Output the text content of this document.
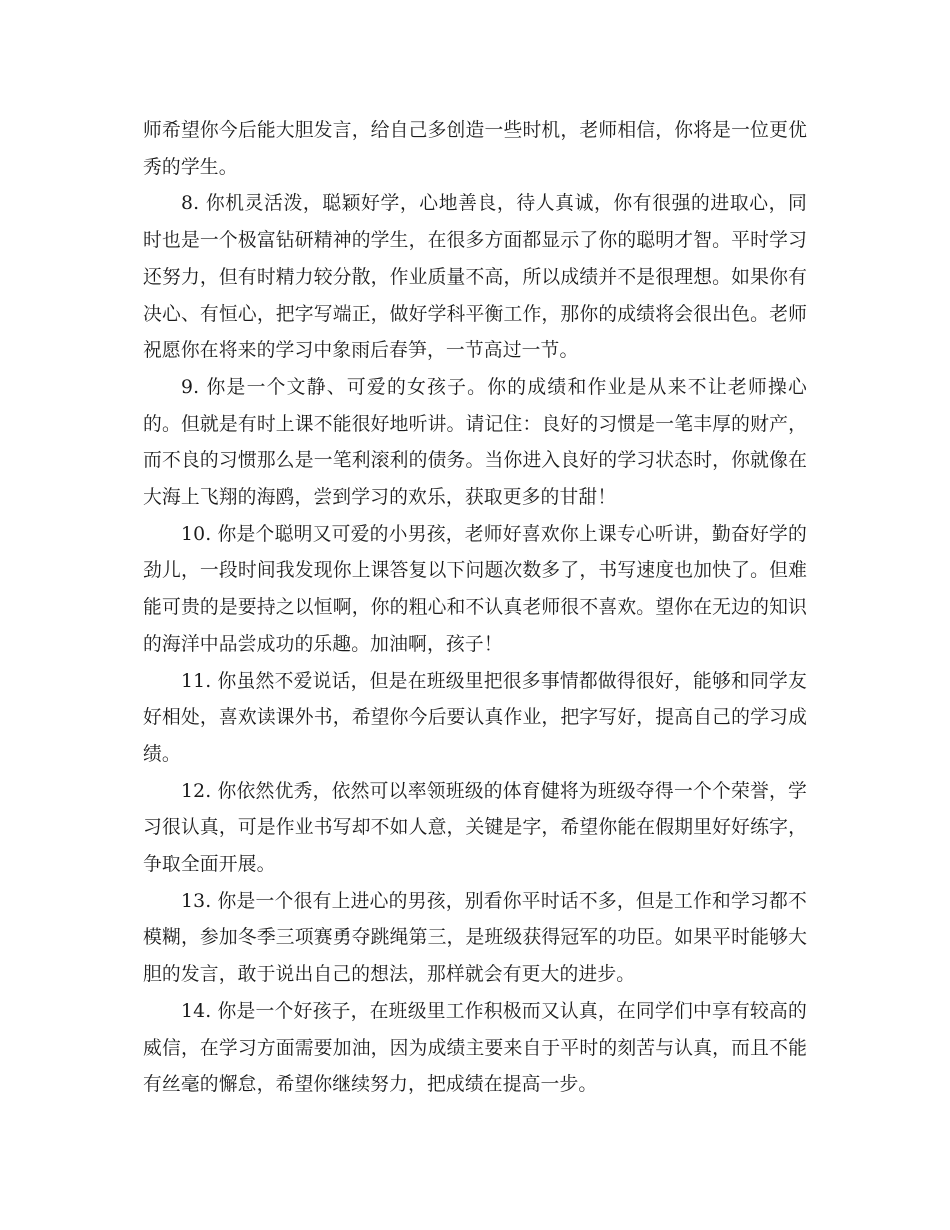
师希望你今后能大胆发言，给自己多创造一些时机，老师相信，你将是一位更优秀的学生。

8. 你机灵活泼，聪颖好学，心地善良，待人真诚，你有很强的进取心，同时也是一个极富钻研精神的学生，在很多方面都显示了你的聪明才智。平时学习还努力，但有时精力较分散，作业质量不高，所以成绩并不是很理想。如果你有决心、有恒心，把字写端正，做好学科平衡工作，那你的成绩将会很出色。老师祝愿你在将来的学习中象雨后春笋，一节高过一节。

9. 你是一个文静、可爱的女孩子。你的成绩和作业是从来不让老师操心的。但就是有时上课不能很好地听讲。请记住：良好的习惯是一笔丰厚的财产，而不良的习惯那么是一笔利滚利的债务。当你进入良好的学习状态时，你就像在大海上飞翔的海鸥，尝到学习的欢乐，获取更多的甘甜！

10. 你是个聪明又可爱的小男孩，老师好喜欢你上课专心听讲，勤奋好学的劲儿，一段时间我发现你上课答复以下问题次数多了，书写速度也加快了。但难能可贵的是要持之以恒啊，你的粗心和不认真老师很不喜欢。望你在无边的知识的海洋中品尝成功的乐趣。加油啊，孩子！

11. 你虽然不爱说话，但是在班级里把很多事情都做得很好，能够和同学友好相处，喜欢读课外书，希望你今后要认真作业，把字写好，提高自己的学习成绩。

12. 你依然优秀，依然可以率领班级的体育健将为班级夺得一个个荣誉，学习很认真，可是作业书写却不如人意，关键是字，希望你能在假期里好好练字，争取全面开展。

13. 你是一个很有上进心的男孩，别看你平时话不多，但是工作和学习都不模糊，参加冬季三项赛勇夺跳绳第三，是班级获得冠军的功臣。如果平时能够大胆的发言，敢于说出自己的想法，那样就会有更大的进步。

14. 你是一个好孩子，在班级里工作积极而又认真，在同学们中享有较高的威信，在学习方面需要加油，因为成绩主要来自于平时的刻苦与认真，而且不能有丝毫的懈怠，希望你继续努力，把成绩在提高一步。
